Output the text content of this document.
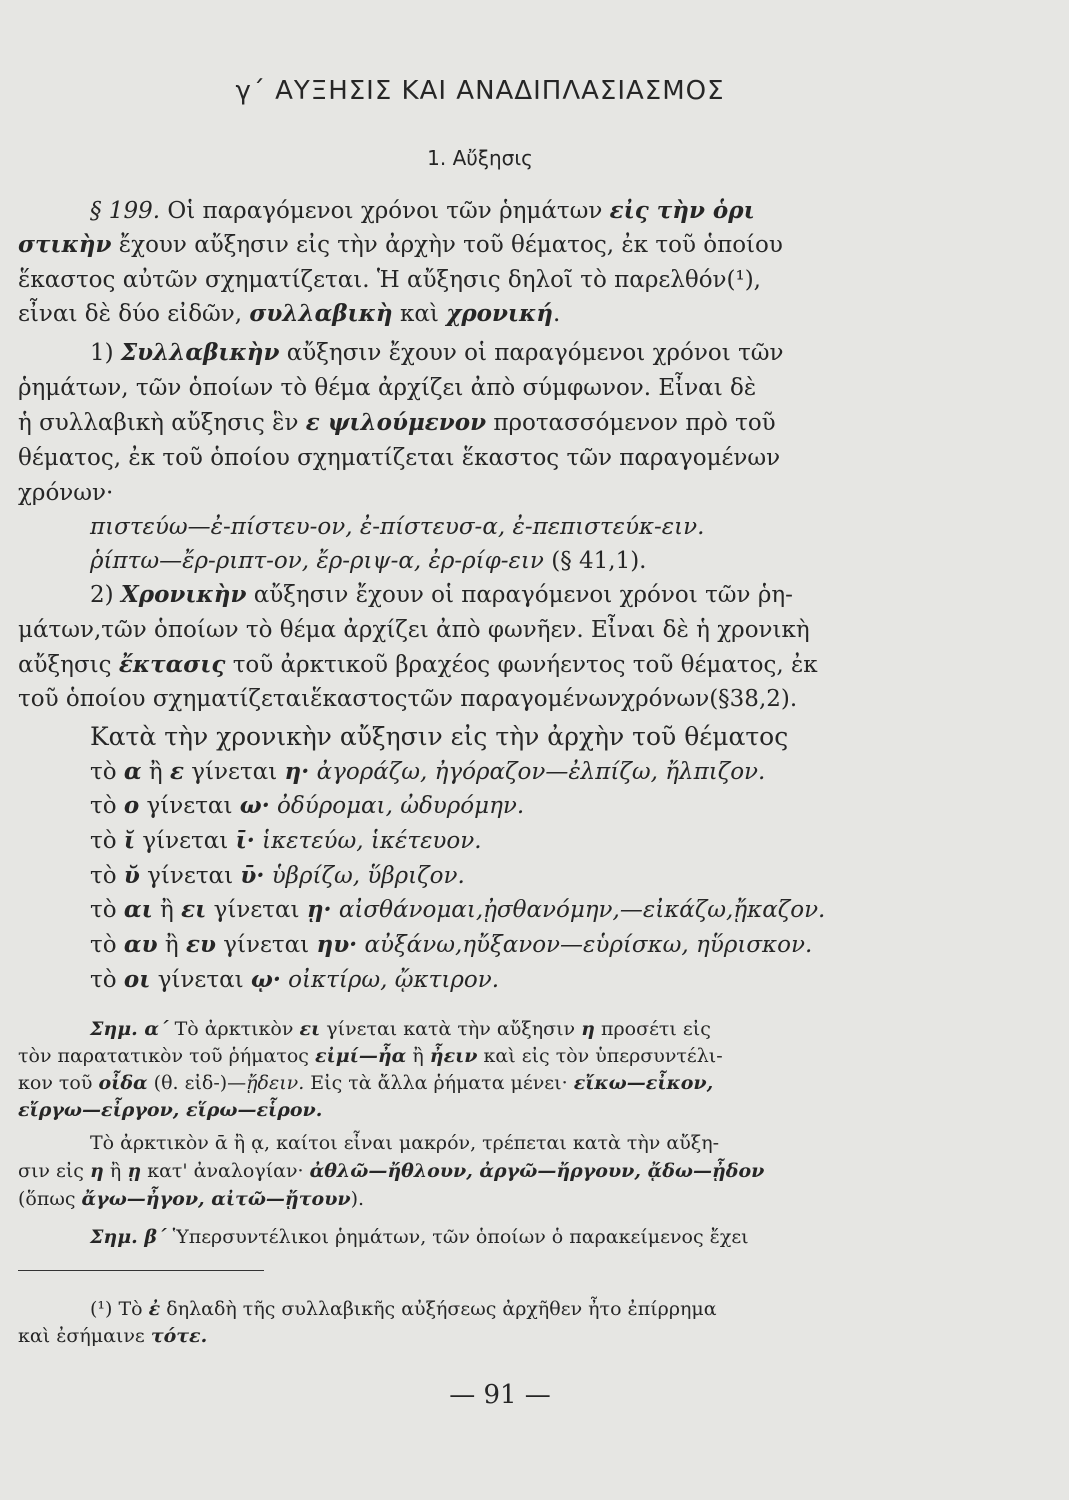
γ΄ ΑΥΞΗΣΙΣ ΚΑΙ ΑΝΑΔΙΠΛΑΣΙΑΣΜΟΣ
1. Αὔξησις
§ 199. Οἱ παραγόμενοι χρόνοι τῶν ῥημάτων εἰς τὴν ὁρι
στικὴν ἔχουν αὔξησιν εἰς τὴν ἀρχὴν τοῦ θέματος, ἐκ τοῦ ὁποίου
ἕκαστος αὐτῶν σχηματίζεται. Ἡ αὔξησις δηλοῖ τὸ παρελθόν(¹),
εἶναι δὲ δύο εἰδῶν, συλλαβικὴ καὶ χρονική.
1) Συλλαβικὴν αὔξησιν ἔχουν οἱ παραγόμενοι χρόνοι τῶν
ῥημάτων, τῶν ὁποίων τὸ θέμα ἀρχίζει ἀπὸ σύμφωνον. Εἶναι δὲ
ἡ συλλαβικὴ αὔξησις ἓν ε ψιλούμενον προτασσόμενον πρὸ τοῦ
θέματος, ἐκ τοῦ ὁποίου σχηματίζεται ἕκαστος τῶν παραγομένων
χρόνων·
πιστεύω—ἐ-πίστευ-ον, ἐ-πίστευσ-α, ἐ-πεπιστεύκ-ειν.
ῥίπτω—ἔρ-ριπτ-ον, ἔρ-ριψ-α, ἐρ-ρίφ-ειν (§ 41,1).
2) Χρονικὴν αὔξησιν ἔχουν οἱ παραγόμενοι χρόνοι τῶν ῥη-
μάτων,τῶν ὁποίων τὸ θέμα ἀρχίζει ἀπὸ φωνῆεν. Εἶναι δὲ ἡ χρονικὴ
αὔξησις ἔκτασις τοῦ ἀρκτικοῦ βραχέος φωνήεντος τοῦ θέματος, ἐκ
τοῦ ὁποίου σχηματίζεταιἕκαστοςτῶν παραγομένωνχρόνων(§38,2).
Κατὰ τὴν χρονικὴν αὔξησιν εἰς τὴν ἀρχὴν τοῦ θέματος
τὸ α ἢ ε γίνεται η· ἀγοράζω, ἠγόραζον—ἐλπίζω, ἤλπιζον.
τὸ ο γίνεται ω· ὀδύρομαι, ὠδυρόμην.
τὸ ῐ γίνεται ῑ· ἱκετεύω, ἱκέτευον.
τὸ ῠ γίνεται ῡ· ὑβρίζω, ὕβριζον.
τὸ αι ἢ ει γίνεται ῃ· αἰσθάνομαι,ᾐσθανόμην,—εἰκάζω,ᾔκαζον.
τὸ αυ ἢ ευ γίνεται ηυ· αὐξάνω,ηὔξανον—εὑρίσκω, ηὕρισκον.
τὸ οι γίνεται ῳ· οἰκτίρω, ᾤκτιρον.
Σημ. α΄ Τὸ ἀρκτικὸν ει γίνεται κατὰ τὴν αὔξησιν η προσέτι εἰς
τὸν παρατατικὸν τοῦ ῥήματος εἰμί—ἦα ἢ ἦειν καὶ εἰς τὸν ὑπερσυντέλι-
κον τοῦ οἶδα (θ. εἰδ-)—ᾔδειν. Εἰς τὰ ἄλλα ῥήματα μένει· εἴκω—εἶκον,
εἴργω—εἶργον, εἵρω—εἷρον.
Τὸ ἀρκτικὸν ᾱ ἢ ᾳ, καίτοι εἶναι μακρόν, τρέπεται κατὰ τὴν αὔξη-
σιν εἰς η ἢ ῃ κατ' ἀναλογίαν· ἀθλῶ—ἤθλουν, ἀργῶ—ἤργουν, ᾄδω—ᾖδον
(ὅπως ἄγω—ἦγον, αἰτῶ—ᾔτουν).
Σημ. β΄ Ὑπερσυντέλικοι ῥημάτων, τῶν ὁποίων ὁ παρακείμενος ἔχει
(¹) Τὸ ἐ δηλαδὴ τῆς συλλαβικῆς αὐξήσεως ἀρχῆθεν ἦτο ἐπίρρημα
καὶ ἐσήμαινε τότε.
— 91 —
